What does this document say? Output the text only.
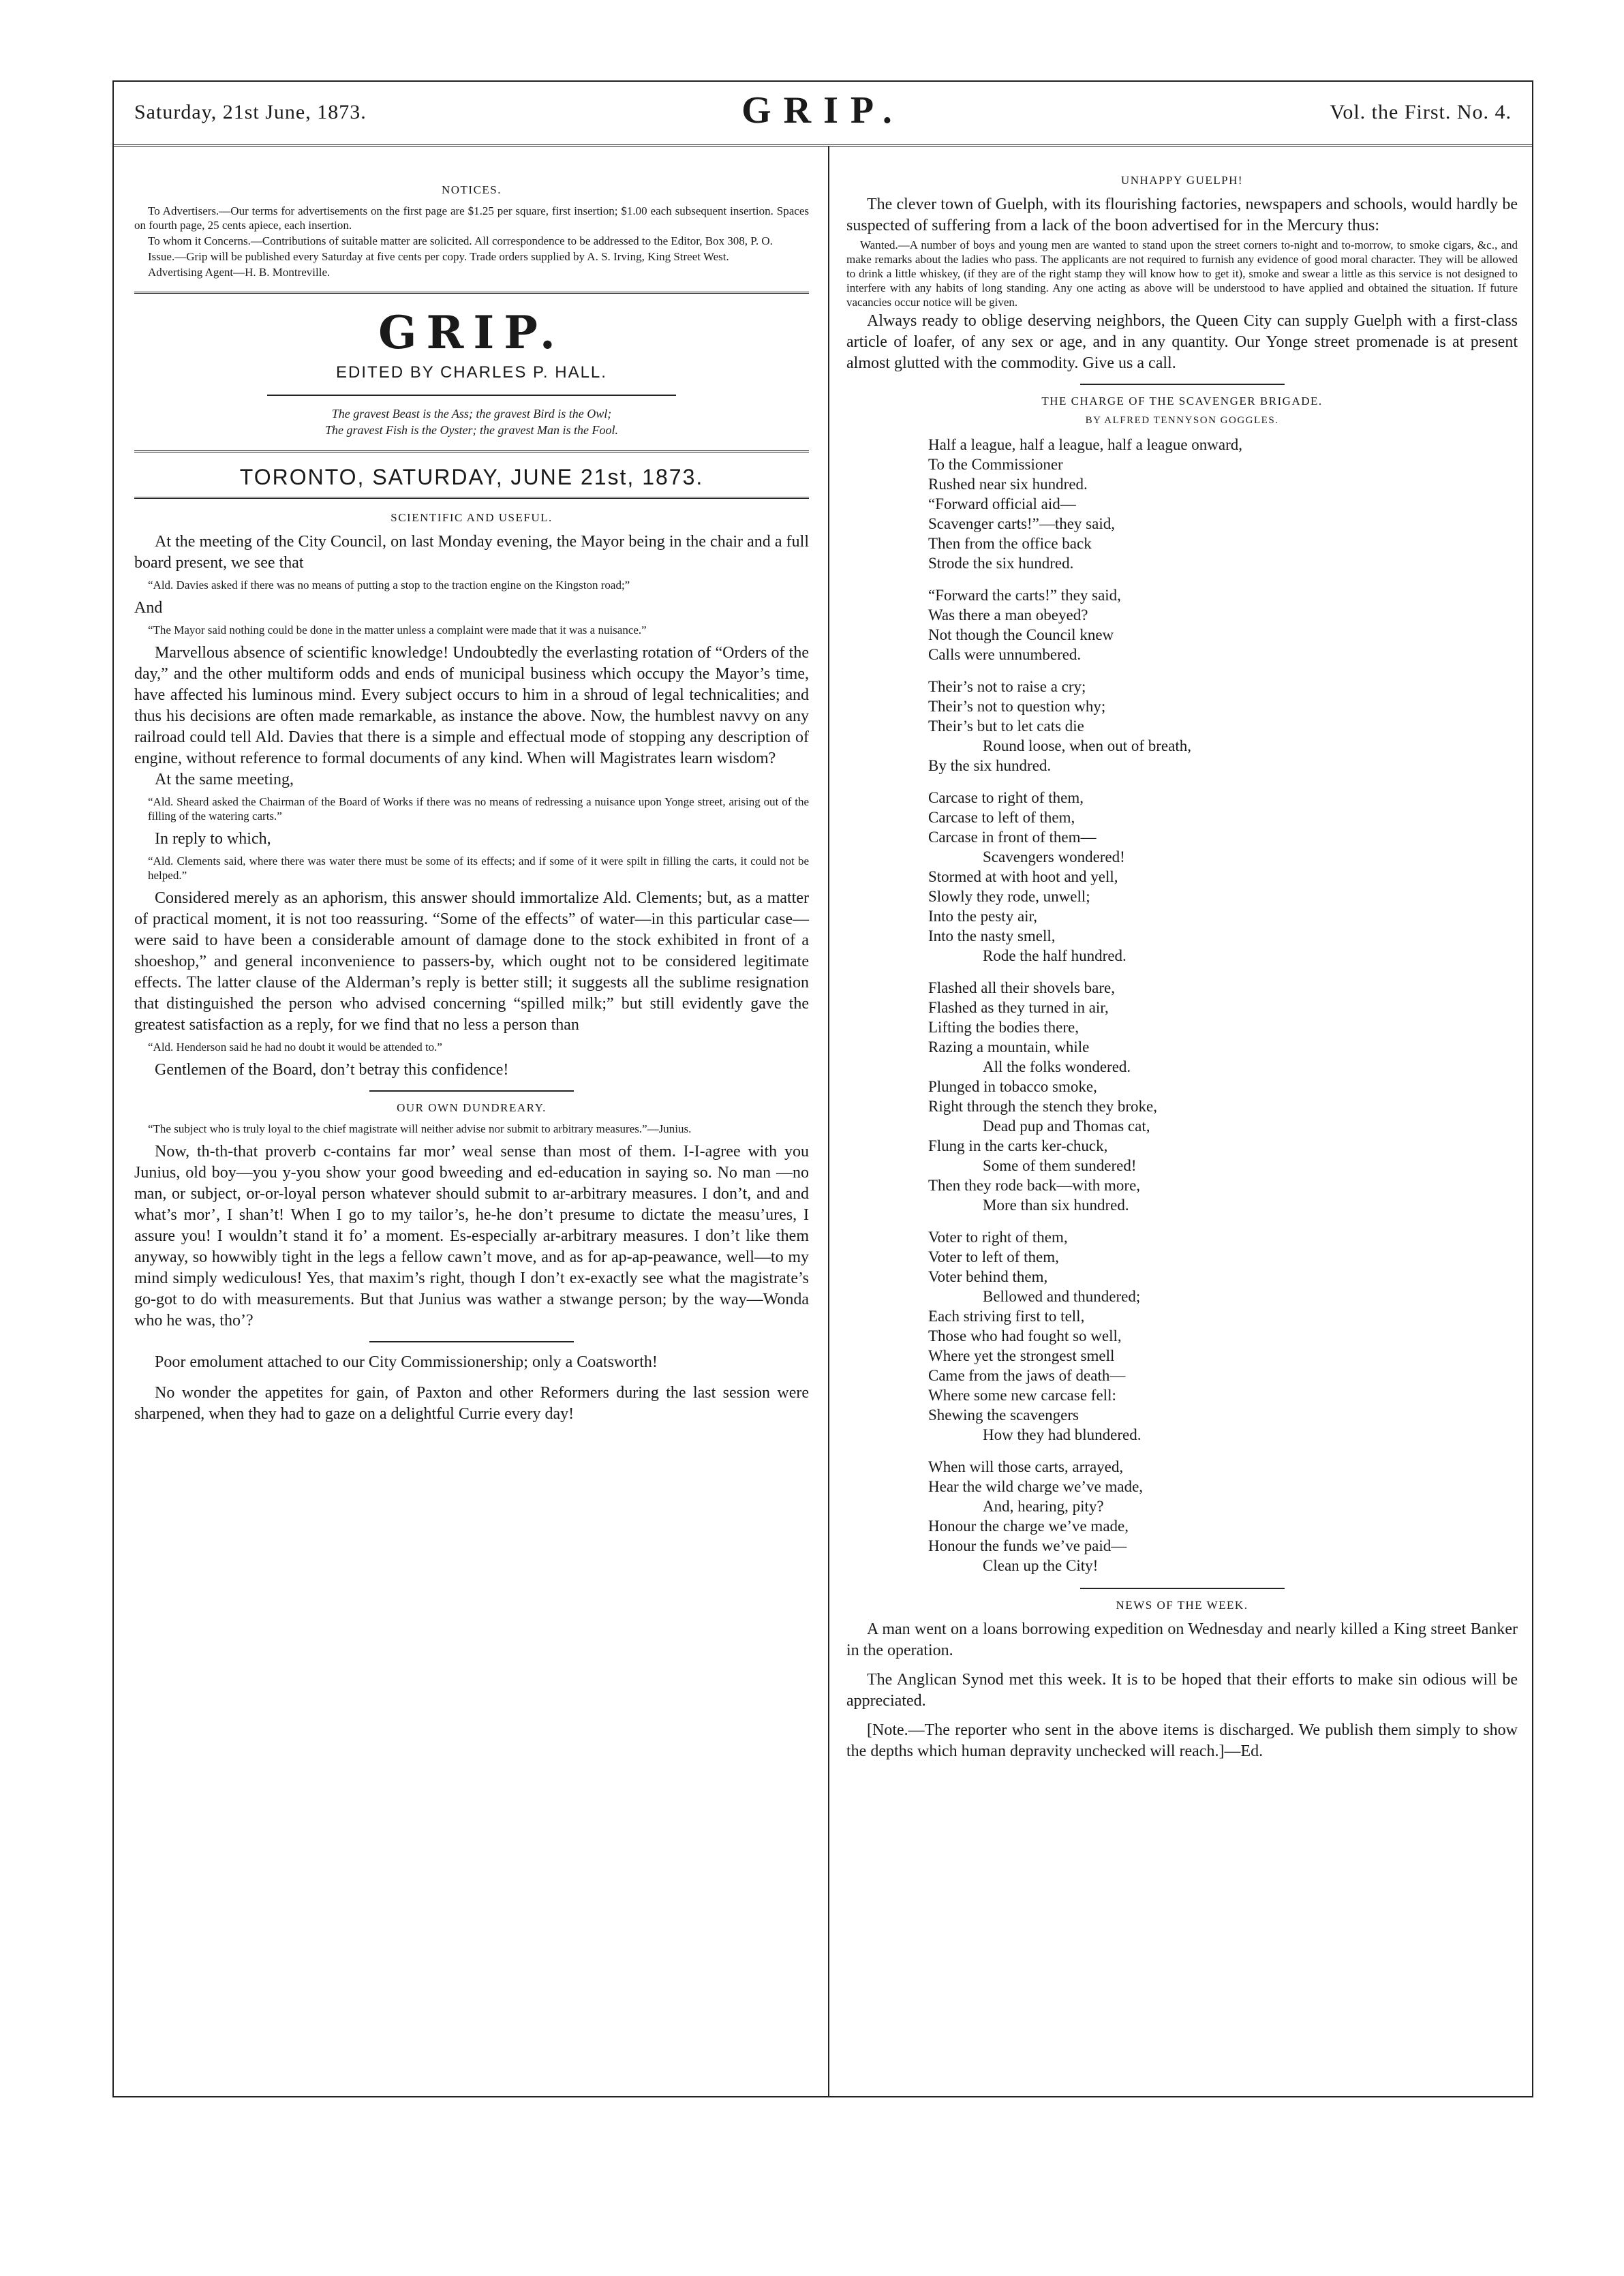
Saturday, 21st June, 1873.	GRIP.	Vol. the First. No. 4.
NOTICES.

To Advertisers.—Our terms for advertisements on the first page are $1.25 per square, first insertion; $1.00 each subsequent insertion. Spaces on fourth page, 25 cents apiece, each insertion.

To whom it Concerns.—Contributions of suitable matter are solicited. All correspondence to be addressed to the Editor, Box 308, P. O.

Issue.—Grip will be published every Saturday at five cents per copy. Trade orders supplied by A. S. Irving, King Street West.

Advertising Agent—H. B. Montreville.

GRIP.
EDITED BY CHARLES P. HALL.
The gravest Beast is the Ass; the gravest Bird is the Owl;
The gravest Fish is the Oyster; the gravest Man is the Fool.
TORONTO, SATURDAY, JUNE 21st, 1873.
SCIENTIFIC AND USEFUL.

At the meeting of the City Council, on last Monday evening, the Mayor being in the chair and a full board present, we see that

“Ald. Davies asked if there was no means of putting a stop to the traction engine on the Kingston road;”

And

“The Mayor said nothing could be done in the matter unless a complaint were made that it was a nuisance.”

Marvellous absence of scientific knowledge! Undoubtedly the everlasting rotation of “Orders of the day,” and the other multiform odds and ends of municipal business which occupy the Mayor’s time, have affected his luminous mind. Every subject occurs to him in a shroud of legal technicalities; and thus his decisions are often made remarkable, as instance the above. Now, the humblest navvy on any railroad could tell Ald. Davies that there is a simple and effectual mode of stopping any description of engine, without reference to formal documents of any kind. When will Magistrates learn wisdom?

At the same meeting,

“Ald. Sheard asked the Chairman of the Board of Works if there was no means of redressing a nuisance upon Yonge street, arising out of the filling of the watering carts.”

In reply to which,

“Ald. Clements said, where there was water there must be some of its effects; and if some of it were spilt in filling the carts, it could not be helped.”

Considered merely as an aphorism, this answer should immortalize Ald. Clements; but, as a matter of practical moment, it is not too reassuring. “Some of the effects” of water—in this particular case—were said to have been a considerable amount of damage done to the stock exhibited in front of a shoeshop,” and general inconvenience to passers-by, which ought not to be considered legitimate effects. The latter clause of the Alderman’s reply is better still; it suggests all the sublime resignation that distinguished the person who advised concerning “spilled milk;” but still evidently gave the greatest satisfaction as a reply, for we find that no less a person than

“Ald. Henderson said he had no doubt it would be attended to.”

Gentlemen of the Board, don’t betray this confidence!

OUR OWN DUNDREARY.

“The subject who is truly loyal to the chief magistrate will neither advise nor submit to arbitrary measures.”—Junius.

Now, th-th-that proverb c-contains far mor’ weal sense than most of them. I-I-agree with you Junius, old boy—you y-you show your good bweeding and ed-education in saying so. No man —no man, or subject, or-or-loyal person whatever should submit to ar-arbitrary measures. I don’t, and and what’s mor’, I shan’t! When I go to my tailor’s, he-he don’t presume to dictate the measu’ures, I assure you! I wouldn’t stand it fo’ a moment. Es-especially ar-arbitrary measures. I don’t like them anyway, so howwibly tight in the legs a fellow cawn’t move, and as for ap-ap-peawance, well—to my mind simply wediculous! Yes, that maxim’s right, though I don’t ex-exactly see what the magistrate’s go-got to do with measurements. But that Junius was wather a stwange person; by the way—Wonda who he was, tho’?

Poor emolument attached to our City Commissionership; only a Coatsworth!

No wonder the appetites for gain, of Paxton and other Reformers during the last session were sharpened, when they had to gaze on a delightful Currie every day!

UNHAPPY GUELPH!

The clever town of Guelph, with its flourishing factories, newspapers and schools, would hardly be suspected of suffering from a lack of the boon advertised for in the Mercury thus:

Wanted.—A number of boys and young men are wanted to stand upon the street corners to-night and to-morrow, to smoke cigars, &c., and make remarks about the ladies who pass. The applicants are not required to furnish any evidence of good moral character. They will be allowed to drink a little whiskey, (if they are of the right stamp they will know how to get it), smoke and swear a little as this service is not designed to interfere with any habits of long standing. Any one acting as above will be understood to have applied and obtained the situation. If future vacancies occur notice will be given.

Always ready to oblige deserving neighbors, the Queen City can supply Guelph with a first-class article of loafer, of any sex or age, and in any quantity. Our Yonge street promenade is at present almost glutted with the commodity. Give us a call.

THE CHARGE OF THE SCAVENGER BRIGADE.
BY ALFRED TENNYSON GOGGLES.
Half a league, half a league, half a league onward,
To the Commissioner
Rushed near six hundred.
“Forward official aid—
Scavenger carts!”—they said,
Then from the office back
Strode the six hundred.
“Forward the carts!” they said,
Was there a man obeyed?
Not though the Council knew
Calls were unnumbered.
Their’s not to raise a cry;
Their’s not to question why;
Their’s but to let cats die
Round loose, when out of breath,
By the six hundred.
Carcase to right of them,
Carcase to left of them,
Carcase in front of them—
Scavengers wondered!
Stormed at with hoot and yell,
Slowly they rode, unwell;
Into the pesty air,
Into the nasty smell,
Rode the half hundred.
Flashed all their shovels bare,
Flashed as they turned in air,
Lifting the bodies there,
Razing a mountain, while
All the folks wondered.
Plunged in tobacco smoke,
Right through the stench they broke,
Dead pup and Thomas cat,
Flung in the carts ker-chuck,
Some of them sundered!
Then they rode back—with more,
More than six hundred.
Voter to right of them,
Voter to left of them,
Voter behind them,
Bellowed and thundered;
Each striving first to tell,
Those who had fought so well,
Where yet the strongest smell
Came from the jaws of death—
Where some new carcase fell:
Shewing the scavengers
How they had blundered.
When will those carts, arrayed,
Hear the wild charge we’ve made,
And, hearing, pity?
Honour the charge we’ve made,
Honour the funds we’ve paid—
Clean up the City!
NEWS OF THE WEEK.

A man went on a loans borrowing expedition on Wednesday and nearly killed a King street Banker in the operation.

The Anglican Synod met this week. It is to be hoped that their efforts to make sin odious will be appreciated.

[Note.—The reporter who sent in the above items is discharged. We publish them simply to show the depths which human depravity unchecked will reach.]—Ed.
